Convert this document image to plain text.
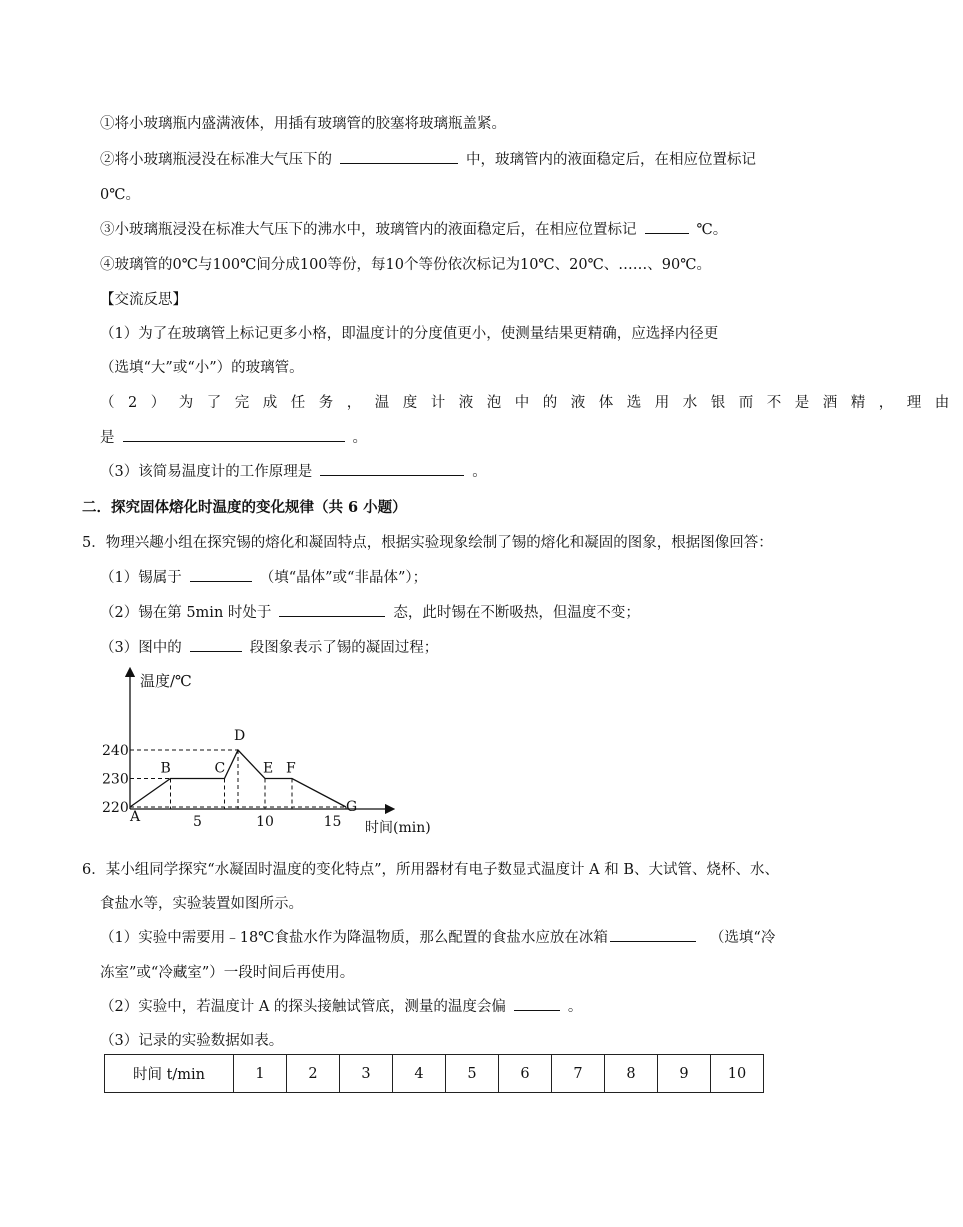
①将小玻璃瓶内盛满液体，用插有玻璃管的胶塞将玻璃瓶盖紧。
②将小玻璃瓶浸没在标准大气压下的	中，玻璃管内的液面稳定后，在相应位置标记
0℃。
③小玻璃瓶浸没在标准大气压下的沸水中，玻璃管内的液面稳定后，在相应位置标记	℃。
④玻璃管的0℃与100℃间分成100等份，每10个等份依次标记为10℃、20℃、……、90℃。
【交流反思】
（1）为了在玻璃管上标记更多小格，即温度计的分度值更小，使测量结果更精确，应选择内径更
（选填“大”或“小”）的玻璃管。
（2）为了完成任务，温度计液泡中的液体选用水银而不是酒精，理由
是	。
（3）该简易温度计的工作原理是	。
二．探究固体熔化时温度的变化规律（共 6 小题）
5．物理兴趣小组在探究锡的熔化和凝固特点，根据实验现象绘制了锡的熔化和凝固的图象，根据图像回答：
（1）锡属于	（填“晶体”或“非晶体”）；
（2）锡在第 5min 时处于	态，此时锡在不断吸热，但温度不变；
（3）图中的	段图象表示了锡的凝固过程；
温度/℃
时间(min)
220
230
240
5	10	15
A
B	C
D
E F
G
6．某小组同学探究“水凝固时温度的变化特点”，所用器材有电子数显式温度计 A 和 B、大试管、烧杯、水、
食盐水等，实验装置如图所示。
（1）实验中需要用﹣18℃食盐水作为降温物质，那么配置的食盐水应放在冰箱	（选填“冷
冻室”或“冷藏室”）一段时间后再使用。
（2）实验中，若温度计 A 的探头接触试管底，测量的温度会偏	。
（3）记录的实验数据如表。
时间 t/min	1	2	3	4	5	6	7	8	9	10
